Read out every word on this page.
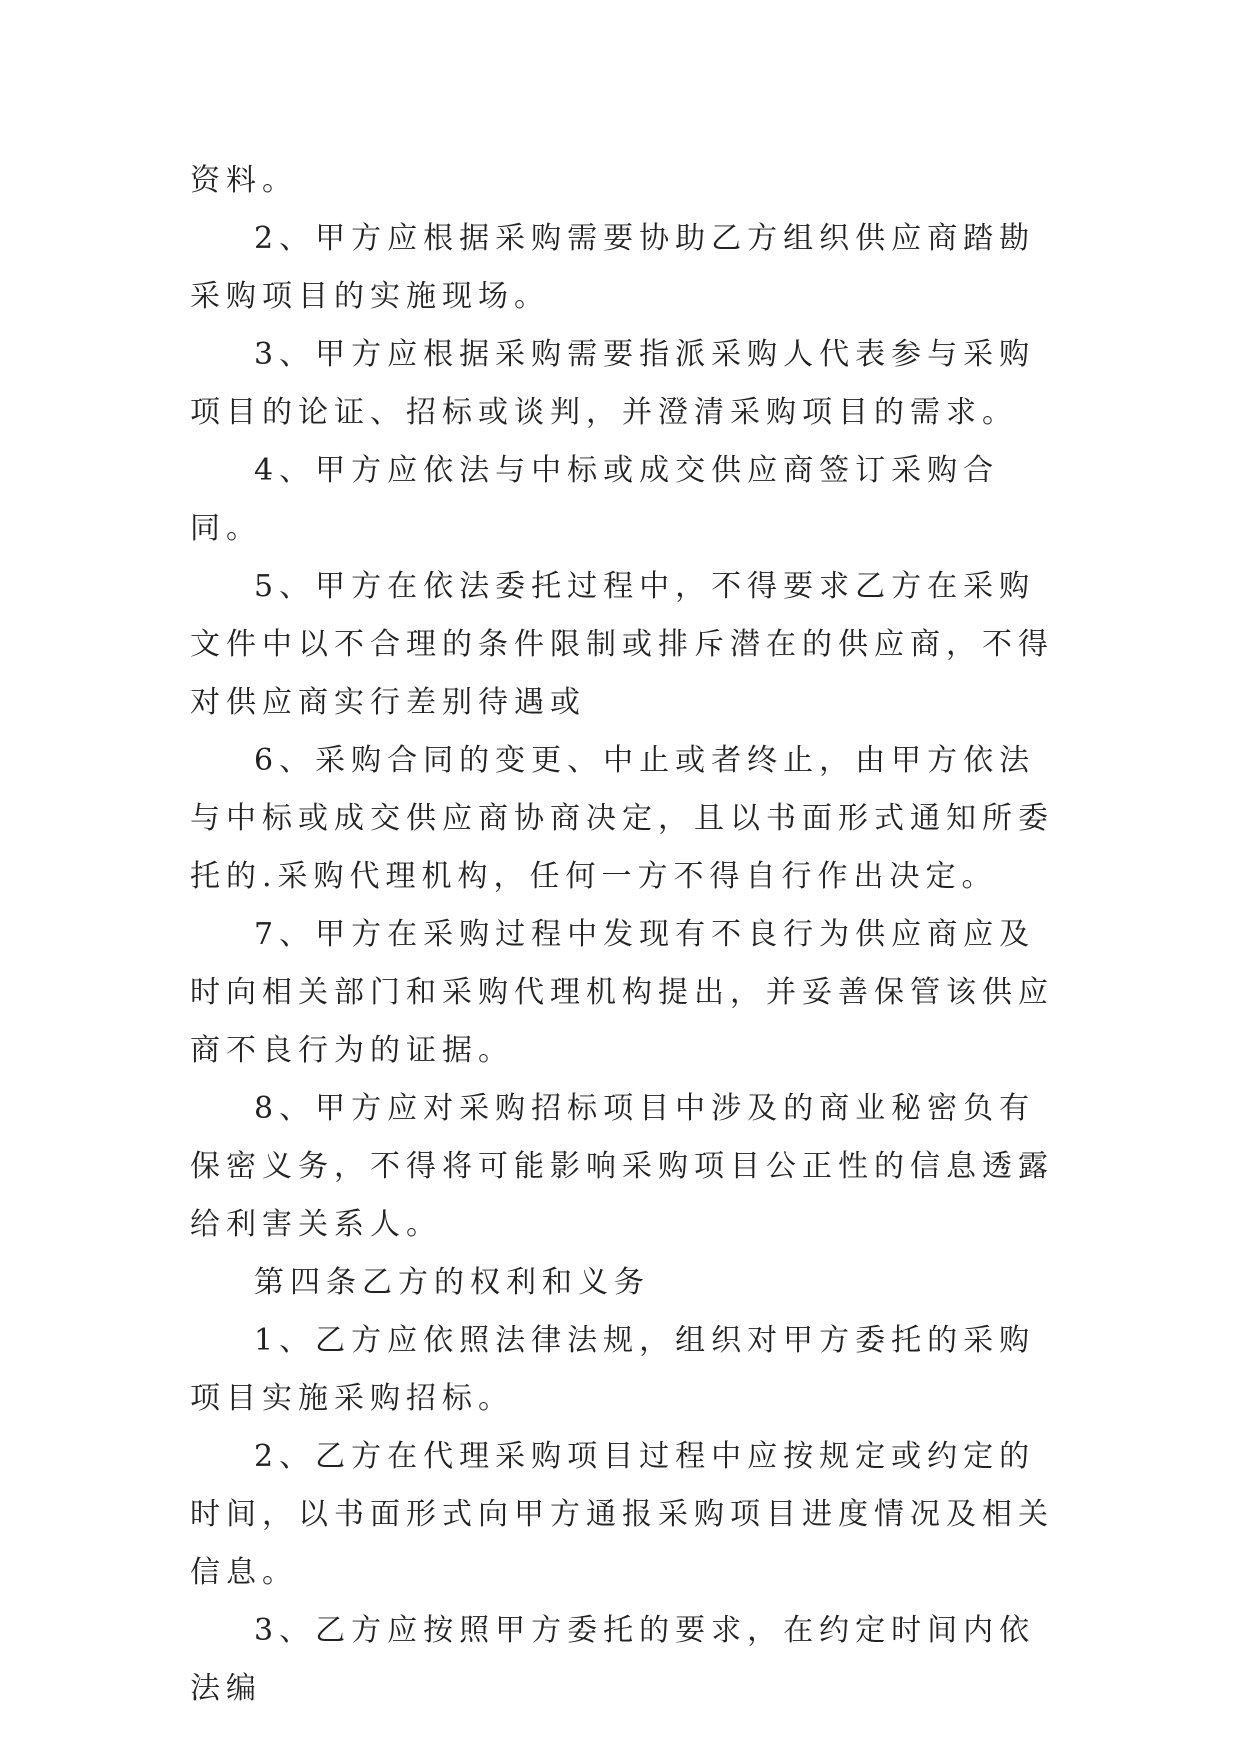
资料。

2、甲方应根据采购需要协助乙方组织供应商踏勘采购项目的实施现场。

3、甲方应根据采购需要指派采购人代表参与采购项目的论证、招标或谈判，并澄清采购项目的需求。

4、甲方应依法与中标或成交供应商签订采购合同。

5、甲方在依法委托过程中，不得要求乙方在采购文件中以不合理的条件限制或排斥潜在的供应商，不得对供应商实行差别待遇或

6、采购合同的变更、中止或者终止，由甲方依法与中标或成交供应商协商决定，且以书面形式通知所委托的.采购代理机构，任何一方不得自行作出决定。

7、甲方在采购过程中发现有不良行为供应商应及时向相关部门和采购代理机构提出，并妥善保管该供应商不良行为的证据。

8、甲方应对采购招标项目中涉及的商业秘密负有保密义务，不得将可能影响采购项目公正性的信息透露给利害关系人。

第四条乙方的权利和义务

1、乙方应依照法律法规，组织对甲方委托的采购项目实施采购招标。

2、乙方在代理采购项目过程中应按规定或约定的时间，以书面形式向甲方通报采购项目进度情况及相关信息。

3、乙方应按照甲方委托的要求，在约定时间内依法编
